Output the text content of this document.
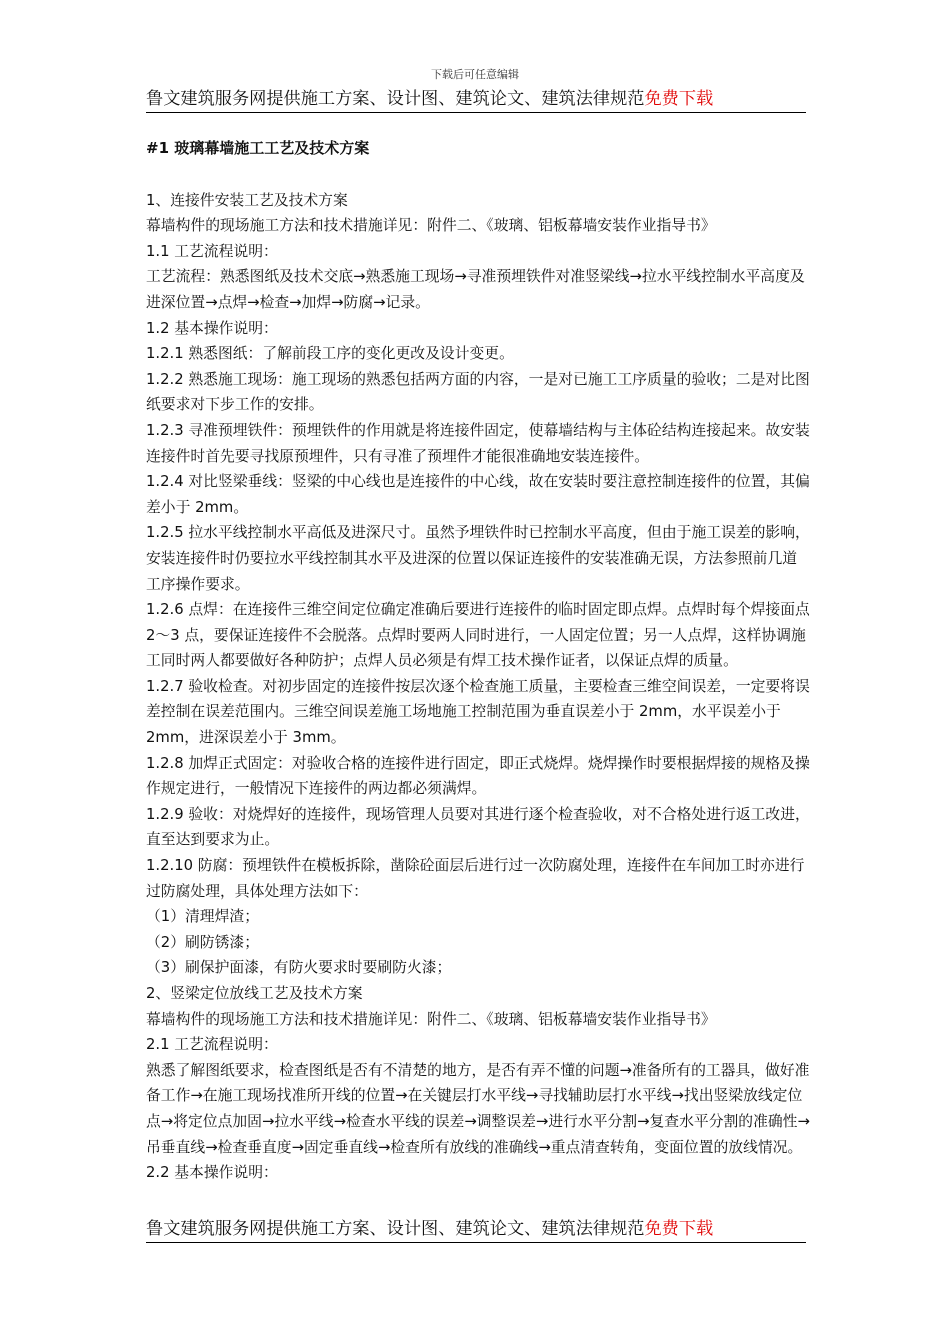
下载后可任意编辑
鲁文建筑服务网提供施工方案、设计图、建筑论文、建筑法律规范免费下载

#1 玻璃幕墙施工工艺及技术方案

1、连接件安装工艺及技术方案

幕墙构件的现场施工方法和技术措施详见：附件二、《玻璃、铝板幕墙安装作业指导书》

1.1 工艺流程说明：

工艺流程：熟悉图纸及技术交底→熟悉施工现场→寻准预埋铁件对准竖梁线→拉水平线控制水平高度及进深位置→点焊→检查→加焊→防腐→记录。

1.2 基本操作说明：

1.2.1 熟悉图纸：了解前段工序的变化更改及设计变更。

1.2.2 熟悉施工现场：施工现场的熟悉包括两方面的内容，一是对已施工工序质量的验收；二是对比图纸要求对下步工作的安排。

1.2.3 寻准预埋铁件：预埋铁件的作用就是将连接件固定，使幕墙结构与主体砼结构连接起来。故安装连接件时首先要寻找原预埋件，只有寻准了预埋件才能很准确地安装连接件。

1.2.4 对比竖梁垂线：竖梁的中心线也是连接件的中心线，故在安装时要注意控制连接件的位置，其偏差小于 2mm。

1.2.5 拉水平线控制水平高低及进深尺寸。虽然予埋铁件时已控制水平高度，但由于施工误差的影响，安装连接件时仍要拉水平线控制其水平及进深的位置以保证连接件的安装准确无误，方法参照前几道工序操作要求。

1.2.6 点焊：在连接件三维空间定位确定准确后要进行连接件的临时固定即点焊。点焊时每个焊接面点 2～3 点，要保证连接件不会脱落。点焊时要两人同时进行，一人固定位置；另一人点焊，这样协调施工同时两人都要做好各种防护；点焊人员必须是有焊工技术操作证者，以保证点焊的质量。

1.2.7 验收检查。对初步固定的连接件按层次逐个检查施工质量，主要检查三维空间误差，一定要将误差控制在误差范围内。三维空间误差施工场地施工控制范围为垂直误差小于 2mm，水平误差小于 2mm，进深误差小于 3mm。

1.2.8 加焊正式固定：对验收合格的连接件进行固定，即正式烧焊。烧焊操作时要根据焊接的规格及操作规定进行，一般情况下连接件的两边都必须满焊。

1.2.9 验收：对烧焊好的连接件，现场管理人员要对其进行逐个检查验收，对不合格处进行返工改进，直至达到要求为止。

1.2.10 防腐：预埋铁件在模板拆除，凿除砼面层后进行过一次防腐处理，连接件在车间加工时亦进行过防腐处理，具体处理方法如下：

（1）清理焊渣；

（2）刷防锈漆；

（3）刷保护面漆，有防火要求时要刷防火漆；

2、竖梁定位放线工艺及技术方案

幕墙构件的现场施工方法和技术措施详见：附件二、《玻璃、铝板幕墙安装作业指导书》

2.1 工艺流程说明：

熟悉了解图纸要求，检查图纸是否有不清楚的地方，是否有弄不懂的问题→准备所有的工器具，做好准备工作→在施工现场找准所开线的位置→在关键层打水平线→寻找辅助层打水平线→找出竖梁放线定位点→将定位点加固→拉水平线→检查水平线的误差→调整误差→进行水平分割→复查水平分割的准确性→吊垂直线→检查垂直度→固定垂直线→检查所有放线的准确线→重点清查转角，变面位置的放线情况。

2.2 基本操作说明：

鲁文建筑服务网提供施工方案、设计图、建筑论文、建筑法律规范免费下载
